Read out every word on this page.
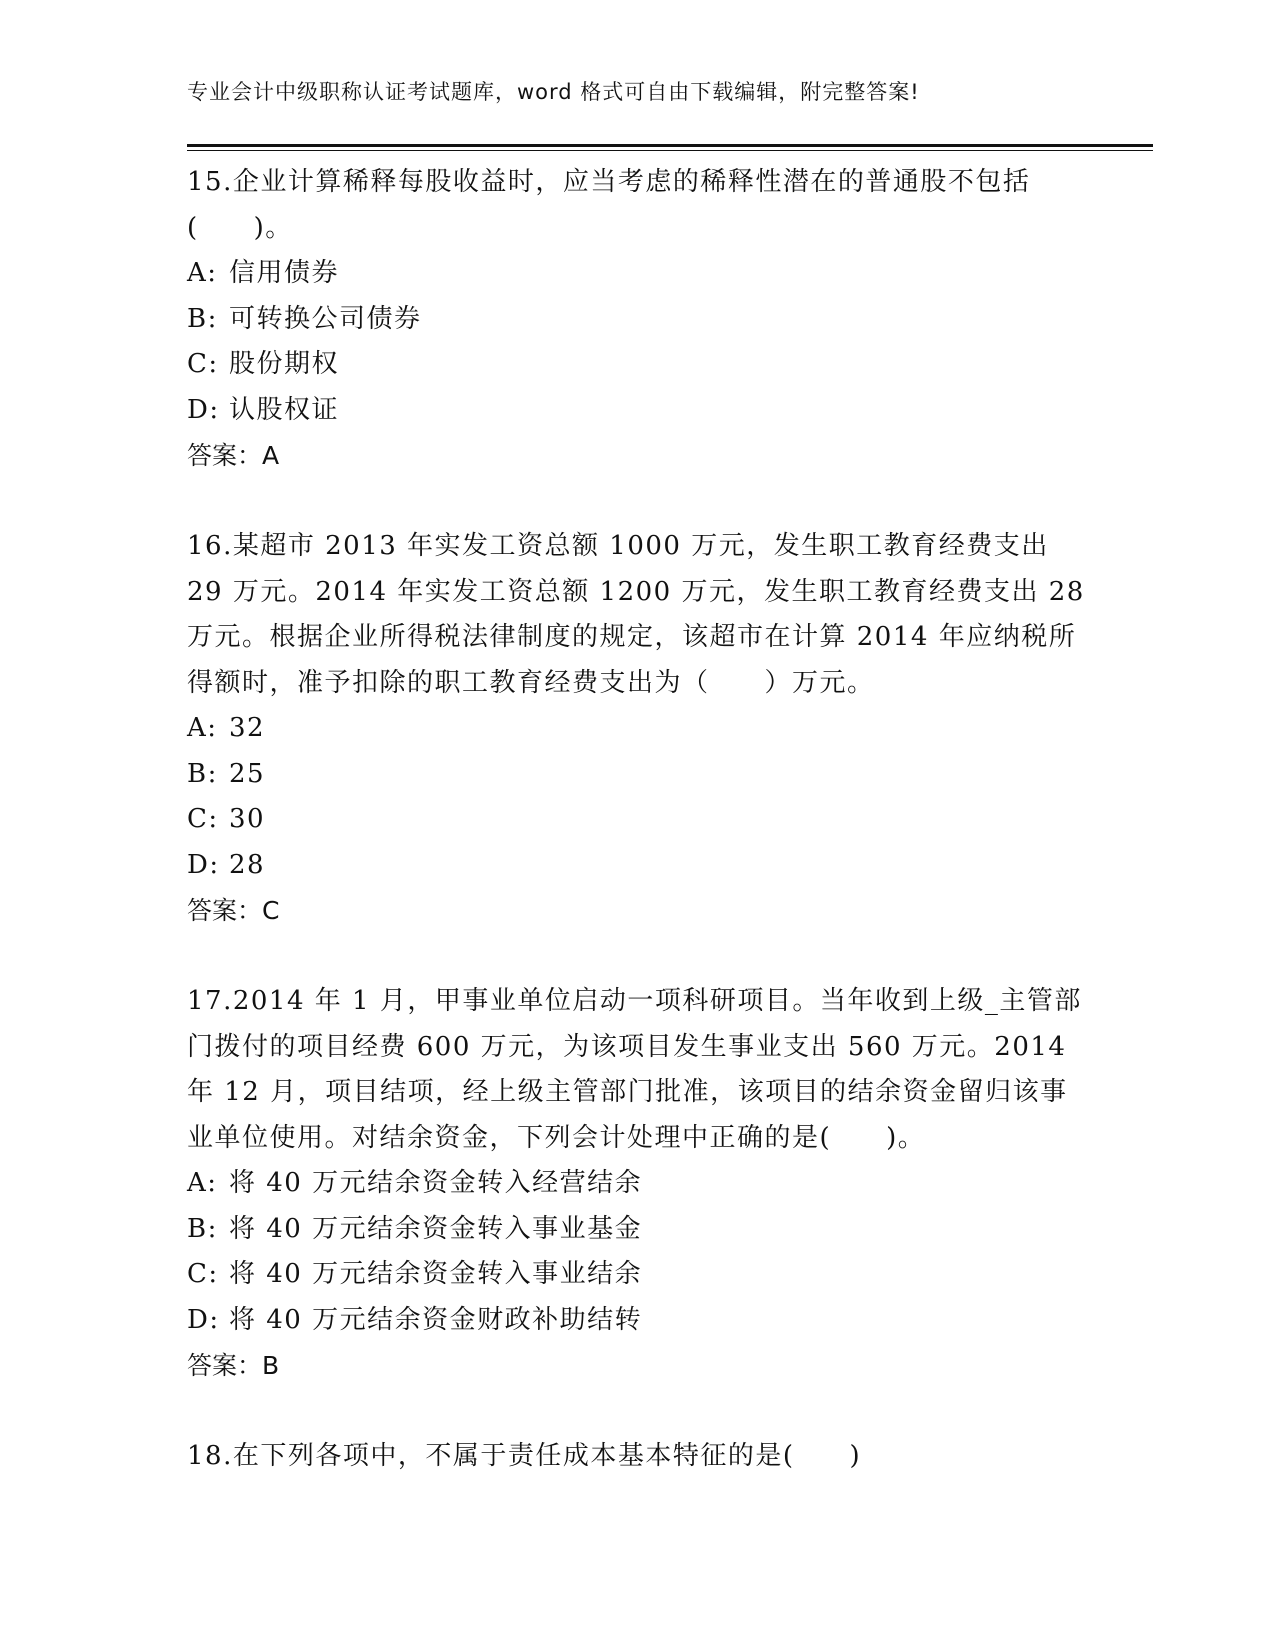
专业会计中级职称认证考试题库，word 格式可自由下载编辑，附完整答案!

15.企业计算稀释每股收益时，应当考虑的稀释性潜在的普通股不包括(　　)。

A: 信用债券

B: 可转换公司债券

C: 股份期权

D: 认股权证

答案：A

16.某超市 2013 年实发工资总额 1000 万元，发生职工教育经费支出 29 万元。2014 年实发工资总额 1200 万元，发生职工教育经费支出 28 万元。根据企业所得税法律制度的规定，该超市在计算 2014 年应纳税所得额时，准予扣除的职工教育经费支出为（　　）万元。

A: 32

B: 25

C: 30

D: 28

答案：C

17.2014 年 1 月，甲事业单位启动一项科研项目。当年收到上级_主管部门拨付的项目经费 600 万元，为该项目发生事业支出 560 万元。2014 年 12 月，项目结项，经上级主管部门批准，该项目的结余资金留归该事业单位使用。对结余资金，下列会计处理中正确的是(　　)。

A: 将 40 万元结余资金转入经营结余

B: 将 40 万元结余资金转入事业基金

C: 将 40 万元结余资金转入事业结余

D: 将 40 万元结余资金财政补助结转

答案：B

18.在下列各项中，不属于责任成本基本特征的是(　　)
